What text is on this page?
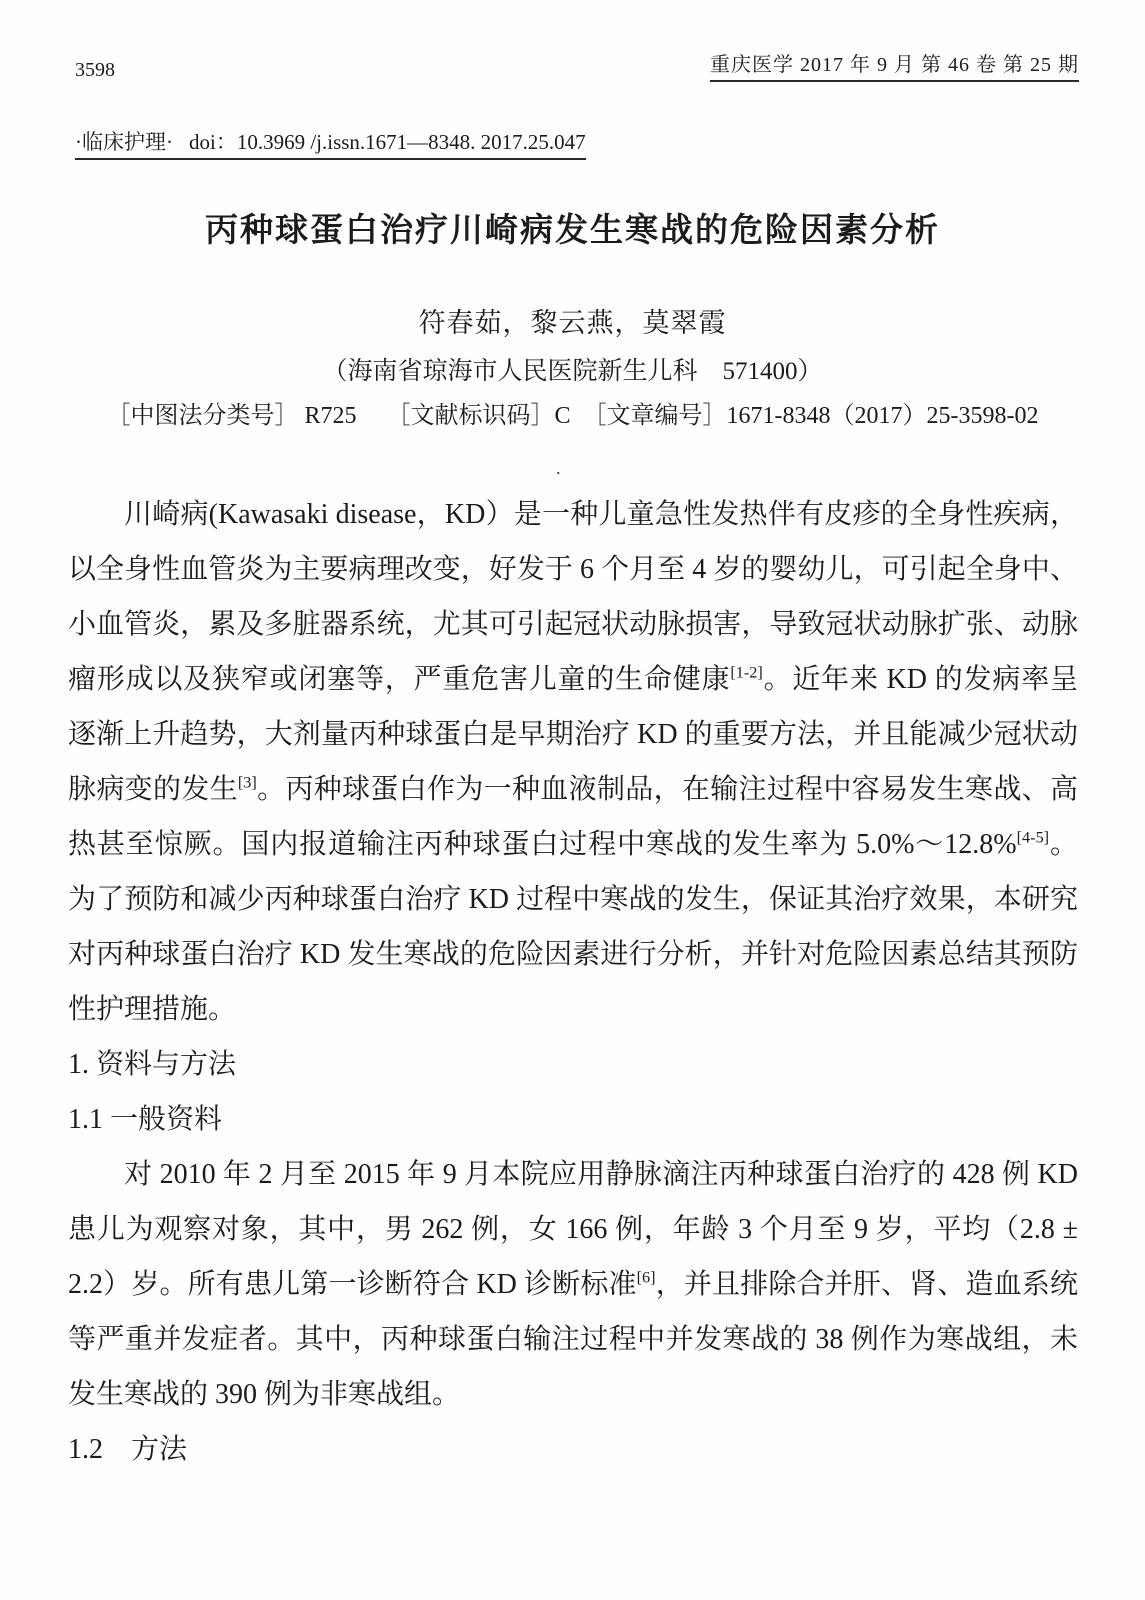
3598	重庆医学 2017 年 9 月 第 46 卷 第 25 期
·临床护理· doi：10.3969 /j.issn.1671—8348. 2017.25.047
丙种球蛋白治疗川崎病发生寒战的危险因素分析
符春茹，黎云燕，莫翠霞
（海南省琼海市人民医院新生儿科　571400）
［中图法分类号］ R725　 ［文献标识码］C　［文章编号］1671-8348（2017）25-3598-02
.

川崎病(Kawasaki disease，KD）是一种儿童急性发热伴有皮疹的全身性疾病，以全身性血管炎为主要病理改变，好发于 6 个月至 4 岁的婴幼儿，可引起全身中、小血管炎，累及多脏器系统，尤其可引起冠状动脉损害，导致冠状动脉扩张、动脉瘤形成以及狭窄或闭塞等，严重危害儿童的生命健康[1-2]。近年来 KD 的发病率呈逐渐上升趋势，大剂量丙种球蛋白是早期治疗 KD 的重要方法，并且能减少冠状动脉病变的发生[3]。丙种球蛋白作为一种血液制品，在输注过程中容易发生寒战、高热甚至惊厥。国内报道输注丙种球蛋白过程中寒战的发生率为 5.0%～12.8%[4-5]。为了预防和减少丙种球蛋白治疗 KD 过程中寒战的发生，保证其治疗效果，本研究对丙种球蛋白治疗 KD 发生寒战的危险因素进行分析，并针对危险因素总结其预防性护理措施。

1. 资料与方法

1.1 一般资料

对 2010 年 2 月至 2015 年 9 月本院应用静脉滴注丙种球蛋白治疗的 428 例 KD 患儿为观察对象，其中，男 262 例，女 166 例，年龄 3 个月至 9 岁，平均（2.8 ± 2.2）岁。所有患儿第一诊断符合 KD 诊断标准[6]，并且排除合并肝、肾、造血系统等严重并发症者。其中，丙种球蛋白输注过程中并发寒战的 38 例作为寒战组，未发生寒战的 390 例为非寒战组。

1.2　方法
